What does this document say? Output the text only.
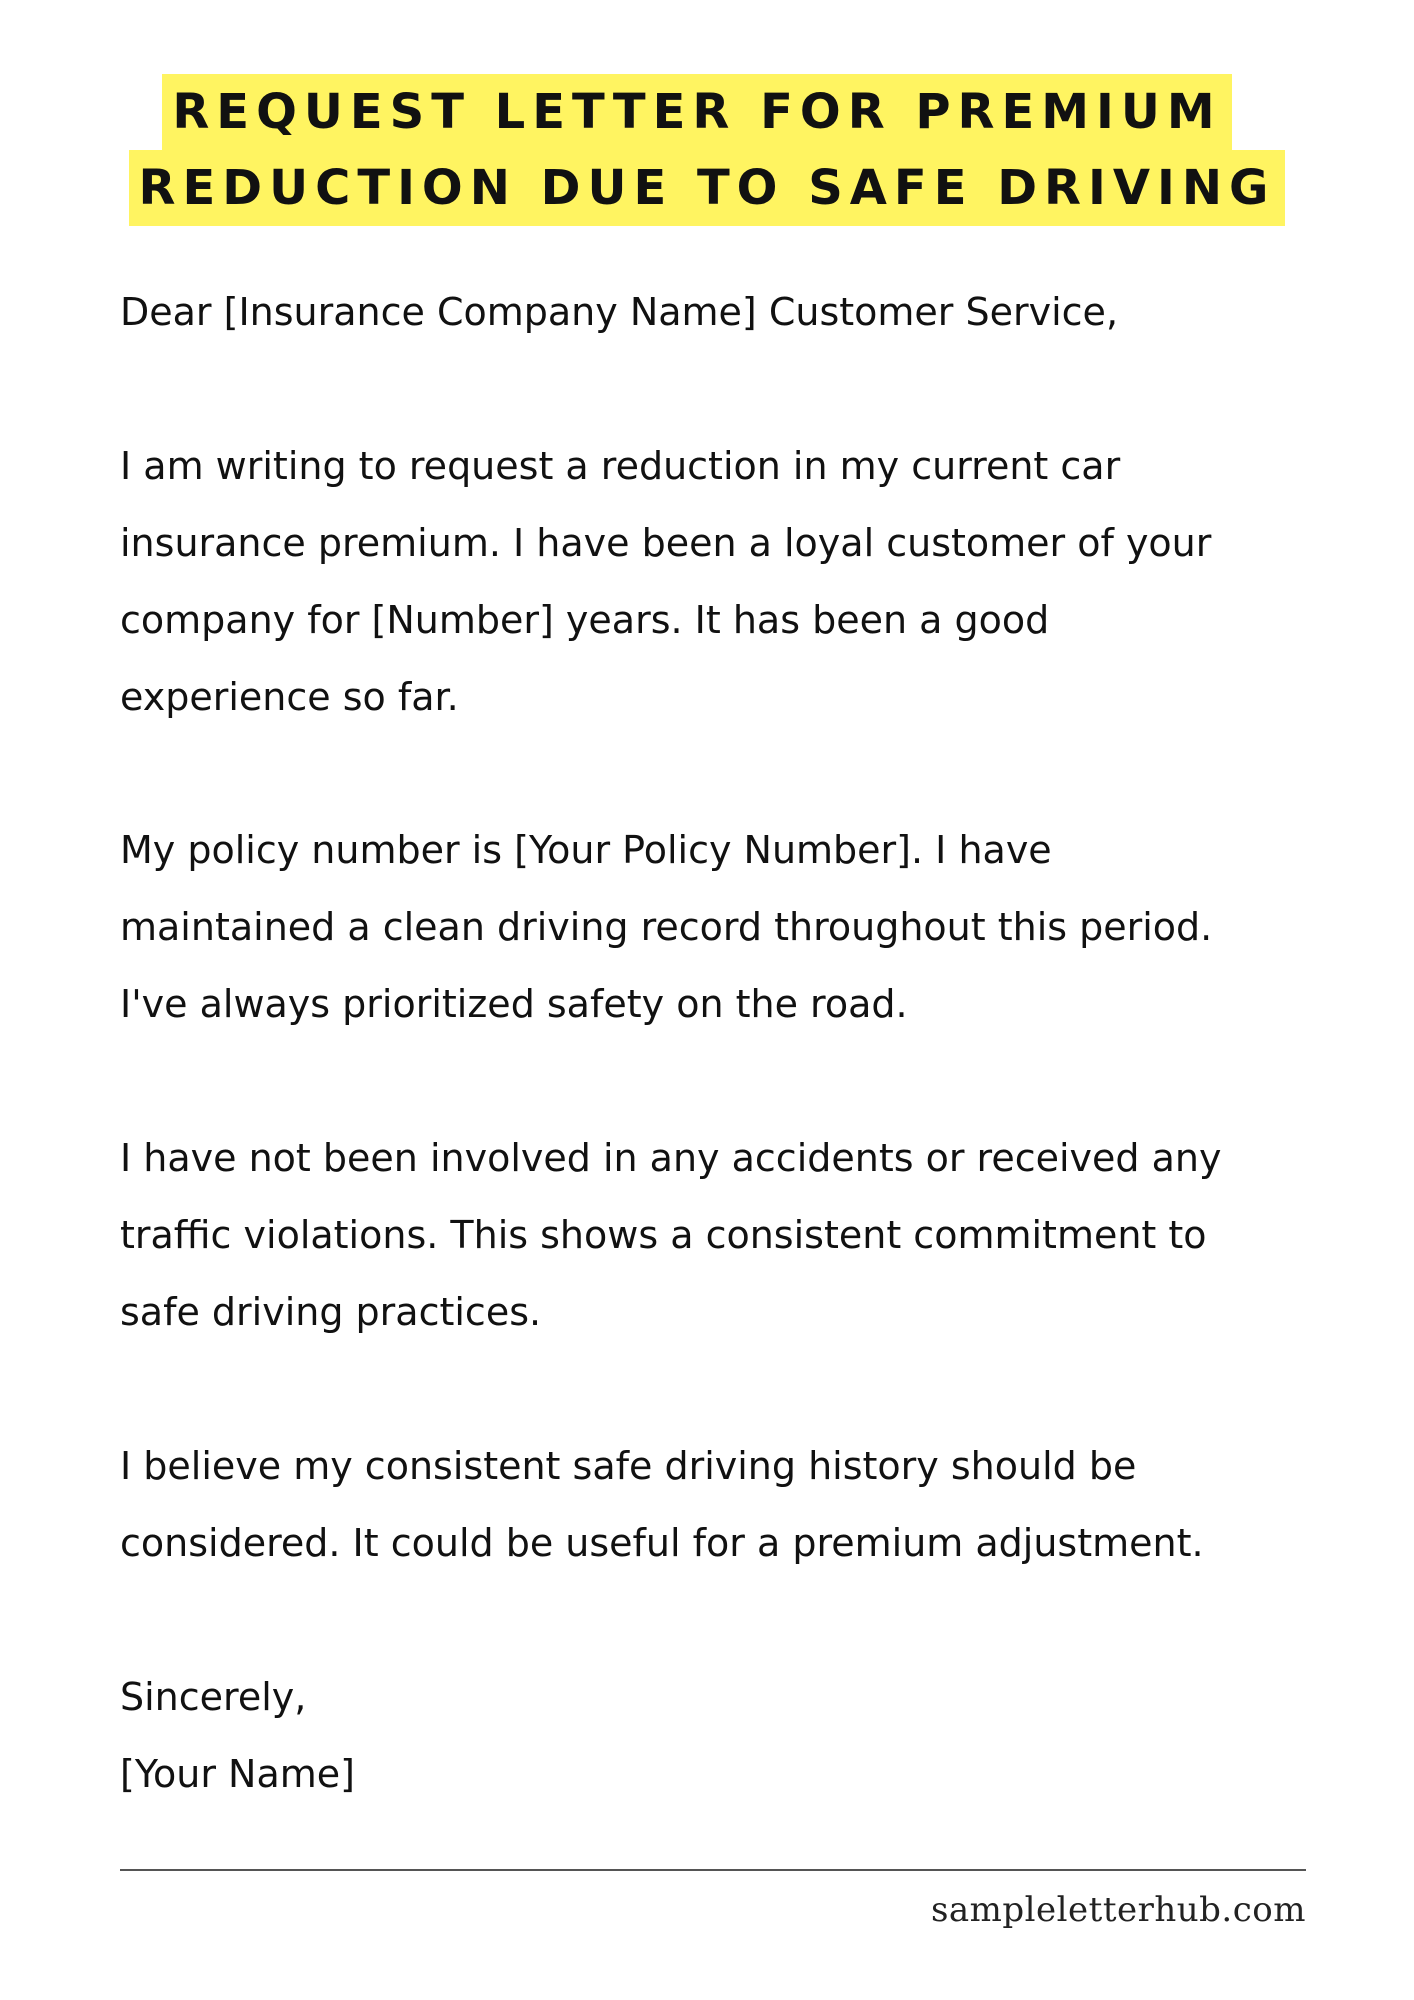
REQUEST LETTER FOR PREMIUM
REDUCTION DUE TO SAFE DRIVING

Dear [Insurance Company Name] Customer Service,

I am writing to request a reduction in my current car
insurance premium. I have been a loyal customer of your
company for [Number] years. It has been a good
experience so far.
My policy number is [Your Policy Number]. I have
maintained a clean driving record throughout this period.
I've always prioritized safety on the road.
I have not been involved in any accidents or received any
traffic violations. This shows a consistent commitment to
safe driving practices.
I believe my consistent safe driving history should be
considered. It could be useful for a premium adjustment.
Sincerely,
[Your Name]
sampleletterhub.com
